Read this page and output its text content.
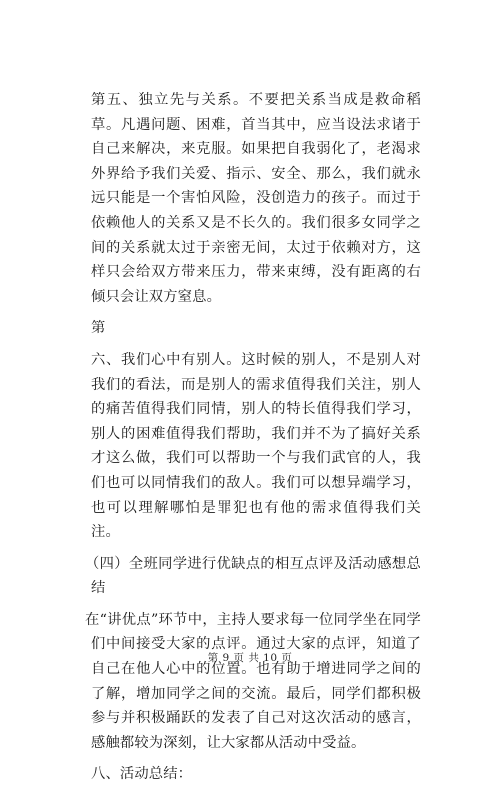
第五、独立先与关系。不要把关系当成是救命稻草。凡遇问题、困难，首当其中，应当设法求诸于自己来解决，来克服。如果把自我弱化了，老渴求外界给予我们关爱、指示、安全、那么，我们就永远只能是一个害怕风险，没创造力的孩子。而过于依赖他人的关系又是不长久的。我们很多女同学之间的关系就太过于亲密无间，太过于依赖对方，这样只会给双方带来压力，带来束缚，没有距离的右倾只会让双方窒息。

第

六、我们心中有别人。这时候的别人，不是别人对我们的看法，而是别人的需求值得我们关注，别人的痛苦值得我们同情，别人的特长值得我们学习，别人的困难值得我们帮助，我们并不为了搞好关系才这么做，我们可以帮助一个与我们武官的人，我们也可以同情我们的敌人。我们可以想异端学习，也可以理解哪怕是罪犯也有他的需求值得我们关注。

（四）全班同学进行优缺点的相互点评及活动感想总结

在“讲优点”环节中，主持人要求每一位同学坐在同学们中间接受大家的点评。通过大家的点评，知道了自己在他人心中的位置。也有助于增进同学之间的了解，增加同学之间的交流。最后，同学们都积极参与并积极踊跃的发表了自己对这次活动的感言，感触都较为深刻，让大家都从活动中受益。

八、活动总结：

第 9 页 共 10 页
